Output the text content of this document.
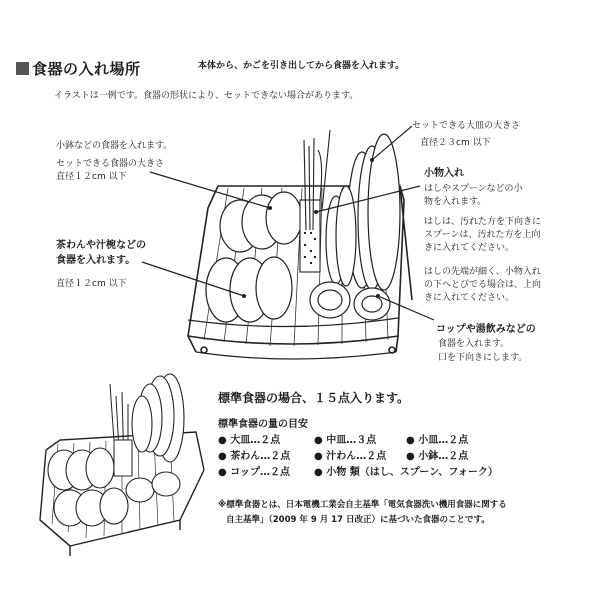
食器の入れ場所	本体から、かごを引き出してから食器を入れます。
イラストは一例です。食器の形状により、セットできない場合があります。
小鉢などの食器を入れます。
セットできる食器の大きさ
直径１２cm 以下
茶わんや汁椀などの
食器を入れます。
直径１２cm 以下
セットできる大皿の大きさ
直径２３cm 以下
小物入れ
はしやスプーンなどの小
物を入れます。
はしは、汚れた方を下向きに
スプーンは、汚れた方を上向
きに入れてください。
はしの先端が細く、小物入れ
の下へとびでる場合は、上向
きに入れてください。
コップや湯飲みなどの
食器を入れます。
口を下向きにします。
標準食器の場合、１５点入ります。
標準食器の量の目安
● 大皿…２点	● 中皿…３点	● 小皿…２点
● 茶わん…２点 ● 汁わん…２点 ● 小鉢…２点
● コップ…２点 ● 小物 類（はし、スプーン、フォーク）
※標準食器とは、日本電機工業会自主基準「電気食器洗い機用食器に関する
自主基準」（2009 年 9 月 17 日改正）に基づいた食器のことです。
